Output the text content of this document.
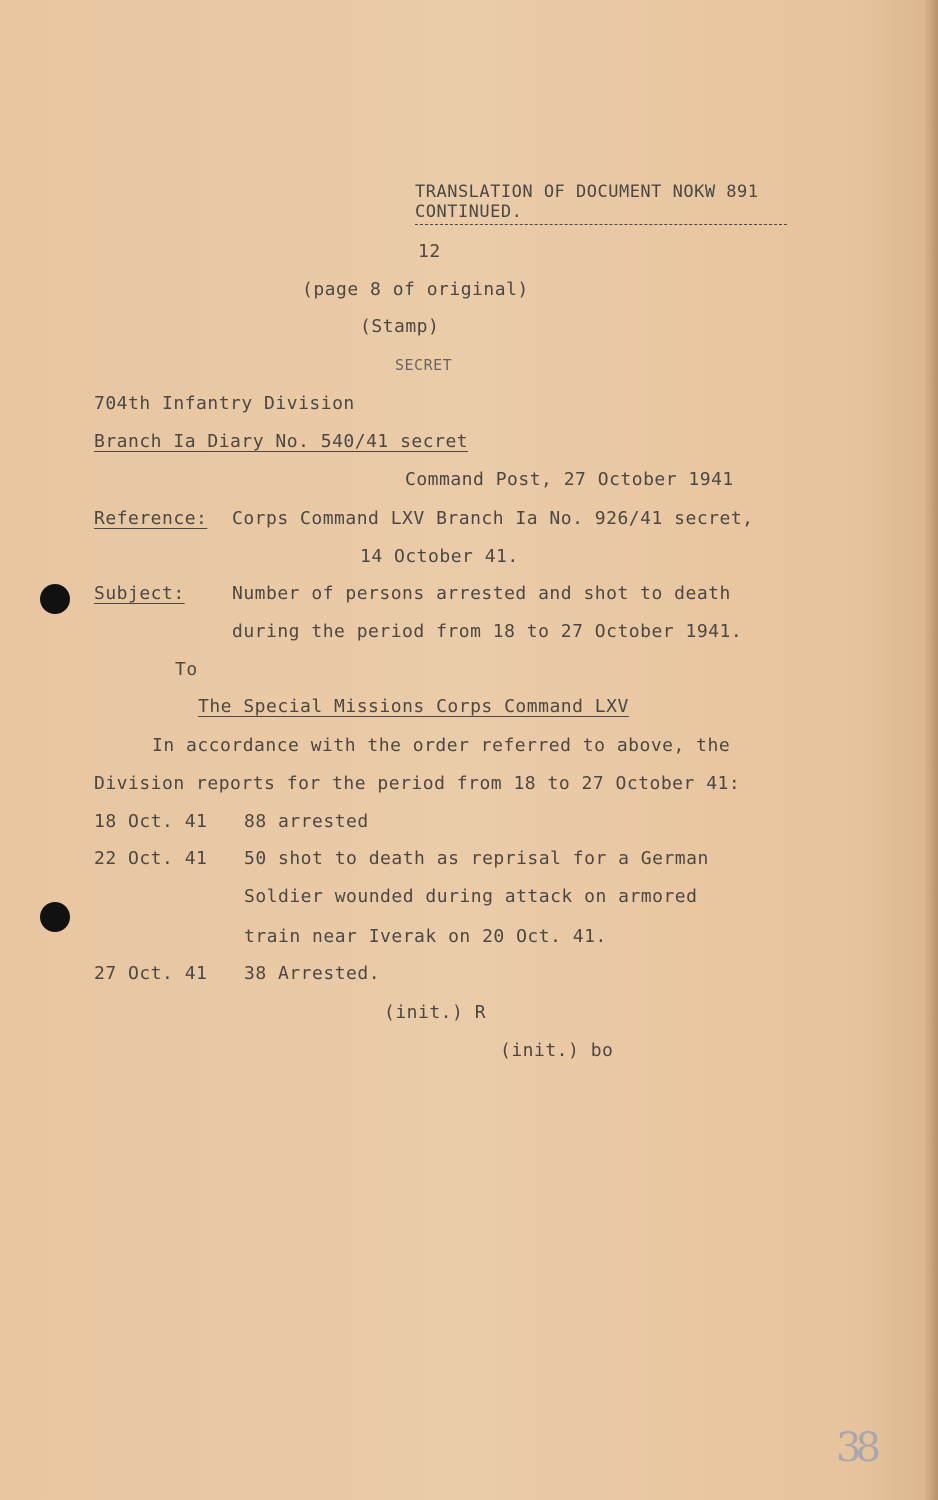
TRANSLATION OF DOCUMENT NOKW 891
CONTINUED.
12
(page 8 of original)
(Stamp)
SECRET
704th Infantry Division
Branch Ia Diary No. 540/41 secret
Command Post, 27 October 1941
Reference: Corps Command LXV Branch Ia No. 926/41 secret,
14 October 41.
Subject:	Number of persons arrested and shot to death
during the period from 18 to 27 October 1941.
To
The Special Missions Corps Command LXV
In accordance with the order referred to above, the
Division reports for the period from 18 to 27 October 41:
18 Oct. 41 88 arrested
22 Oct. 41 50 shot to death as reprisal for a German
Soldier wounded during attack on armored
train near Iverak on 20 Oct. 41.
27 Oct. 41 38 Arrested.
(init.) R
(init.) bo
38
